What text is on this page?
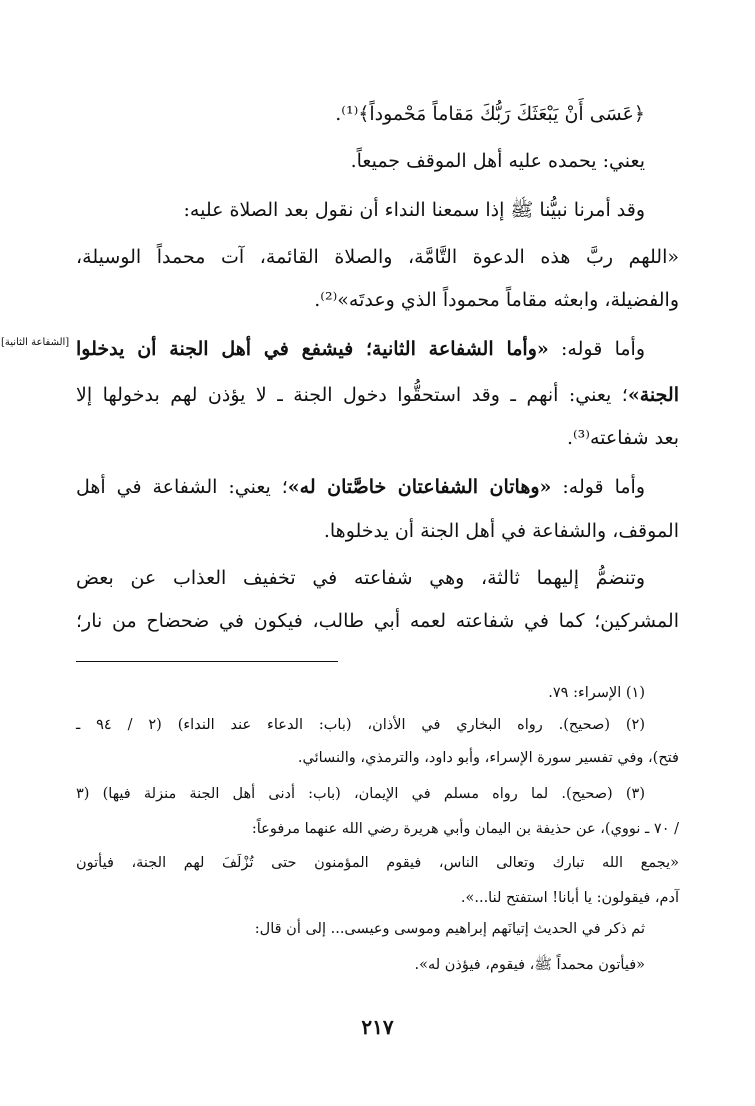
﴿عَسَى أَنْ يَبْعَثَكَ رَبُّكَ مَقاماً مَحْموداً﴾⁽¹⁾.
يعني: يحمده عليه أهل الموقف جميعاً.
وقد أمرنا نبيُّنا ﷺ إذا سمعنا النداء أن نقول بعد الصلاة عليه:
«اللهم ربَّ هذه الدعوة التَّامَّة، والصلاة القائمة، آت محمداً الوسيلة،
والفضيلة، وابعثه مقاماً محموداً الذي وعدتَه»⁽²⁾.
[الشفاعة الثانية]	وأما قوله: «وأما الشفاعة الثانية؛ فيشفع في أهل الجنة أن يدخلوا
الجنة»؛ يعني: أنهم ـ وقد استحقُّوا دخول الجنة ـ لا يؤذن لهم بدخولها إلا
بعد شفاعته⁽³⁾.
وأما قوله: «وهاتان الشفاعتان خاصَّتان له»؛ يعني: الشفاعة في أهل
الموقف، والشفاعة في أهل الجنة أن يدخلوها.
وتنضمُّ إليهما ثالثة، وهي شفاعته في تخفيف العذاب عن بعض
المشركين؛ كما في شفاعته لعمه أبي طالب، فيكون في ضحضاح من نار؛
(١) الإسراء: ٧٩.
(٢) (صحيح). رواه البخاري في الأذان، (باب: الدعاء عند النداء) (٢ / ٩٤ ـ
فتح)، وفي تفسير سورة الإسراء، وأبو داود، والترمذي، والنسائي.
(٣) (صحيح). لما رواه مسلم في الإيمان، (باب: أدنى أهل الجنة منزلة فيها) (٣
/ ٧٠ ـ نووي)، عن حذيفة بن اليمان وأبي هريرة رضي الله عنهما مرفوعاً:
«يجمع الله تبارك وتعالى الناس، فيقوم المؤمنون حتى تُزْلَفَ لهم الجنة، فيأتون
آدم، فيقولون: يا أبانا! استفتح لنا...».
ثم ذكر في الحديث إتيانَهم إبراهيم وموسى وعيسى... إلى أن قال:
«فيأتون محمداً ﷺ، فيقوم، فيؤذن له».
٢١٧
